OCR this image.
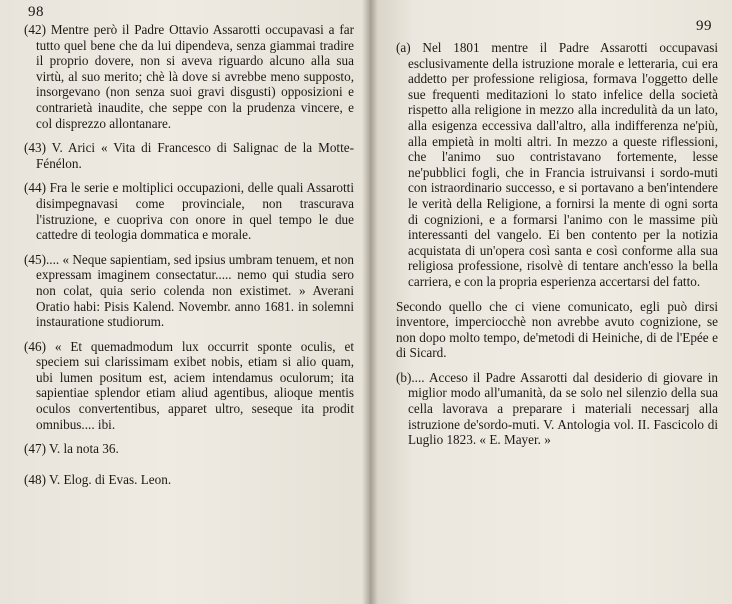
98

(42) Mentre però il Padre Ottavio Assarotti occupavasi a far tutto quel bene che da lui dipendeva, senza giammai tradire il proprio dovere, non si aveva riguardo alcuno alla sua virtù, al suo merito; chè là dove si avrebbe meno supposto, insorgevano (non senza suoi gravi disgusti) opposizioni e contrarietà inaudite, che seppe con la prudenza vincere, e col disprezzo allontanare.

(43) V. Arici « Vita di Francesco di Salignac de la Motte-Fénélon.

(44) Fra le serie e moltiplici occupazioni, delle quali Assarotti disimpegnavasi come provinciale, non trascurava l'istruzione, e cuopriva con onore in quel tempo le due cattedre di teologia dommatica e morale.

(45).... « Neque sapientiam, sed ipsius umbram tenuem, et non expressam imaginem consectatur..... nemo qui studia sero non colat, quia serio colenda non existimet. » Averani Oratio habi: Pisis Kalend. Novembr. anno 1681. in solemni instauratione studiorum.

(46) « Et quemadmodum lux occurrit sponte oculis, et speciem sui clarissimam exibet nobis, etiam si alio quam, ubi lumen positum est, aciem intendamus oculorum; ita sapientiae splendor etiam aliud agentibus, alioque mentis oculos convertentibus, apparet ultro, seseque ita prodit omnibus.... ibi.

(47) V. la nota 36.

(48) V. Elog. di Evas. Leon.

99

(a) Nel 1801 mentre il Padre Assarotti occupavasi esclusivamente della istruzione morale e letteraria, cui era addetto per professione religiosa, formava l'oggetto delle sue frequenti meditazioni lo stato infelice della società rispetto alla religione in mezzo alla incredulità da un lato, alla esigenza eccessiva dall'altro, alla indifferenza ne'più, alla empietà in molti altri. In mezzo a queste riflessioni, che l'animo suo contristavano fortemente, lesse ne'pubblici fogli, che in Francia istruivansi i sordo-muti con istraordinario successo, e si portavano a ben'intendere le verità della Religione, a fornirsi la mente di ogni sorta di cognizioni, e a formarsi l'animo con le massime più interessanti del vangelo. Ei ben contento per la notizia acquistata di un'opera così santa e così conforme alla sua religiosa professione, risolvè di tentare anch'esso la bella carriera, e con la propria esperienza accertarsi del fatto.

Secondo quello che ci viene comunicato, egli può dirsi inventore, imperciocchè non avrebbe avuto cognizione, se non dopo molto tempo, de'metodi di Heiniche, di de l'Epée e di Sicard.

(b).... Acceso il Padre Assarotti dal desiderio di giovare in miglior modo all'umanità, da se solo nel silenzio della sua cella lavorava a preparare i materiali necessarj alla istruzione de'sordo-muti. V. Antologia vol. II. Fascicolo di Luglio 1823. « E. Mayer. »
